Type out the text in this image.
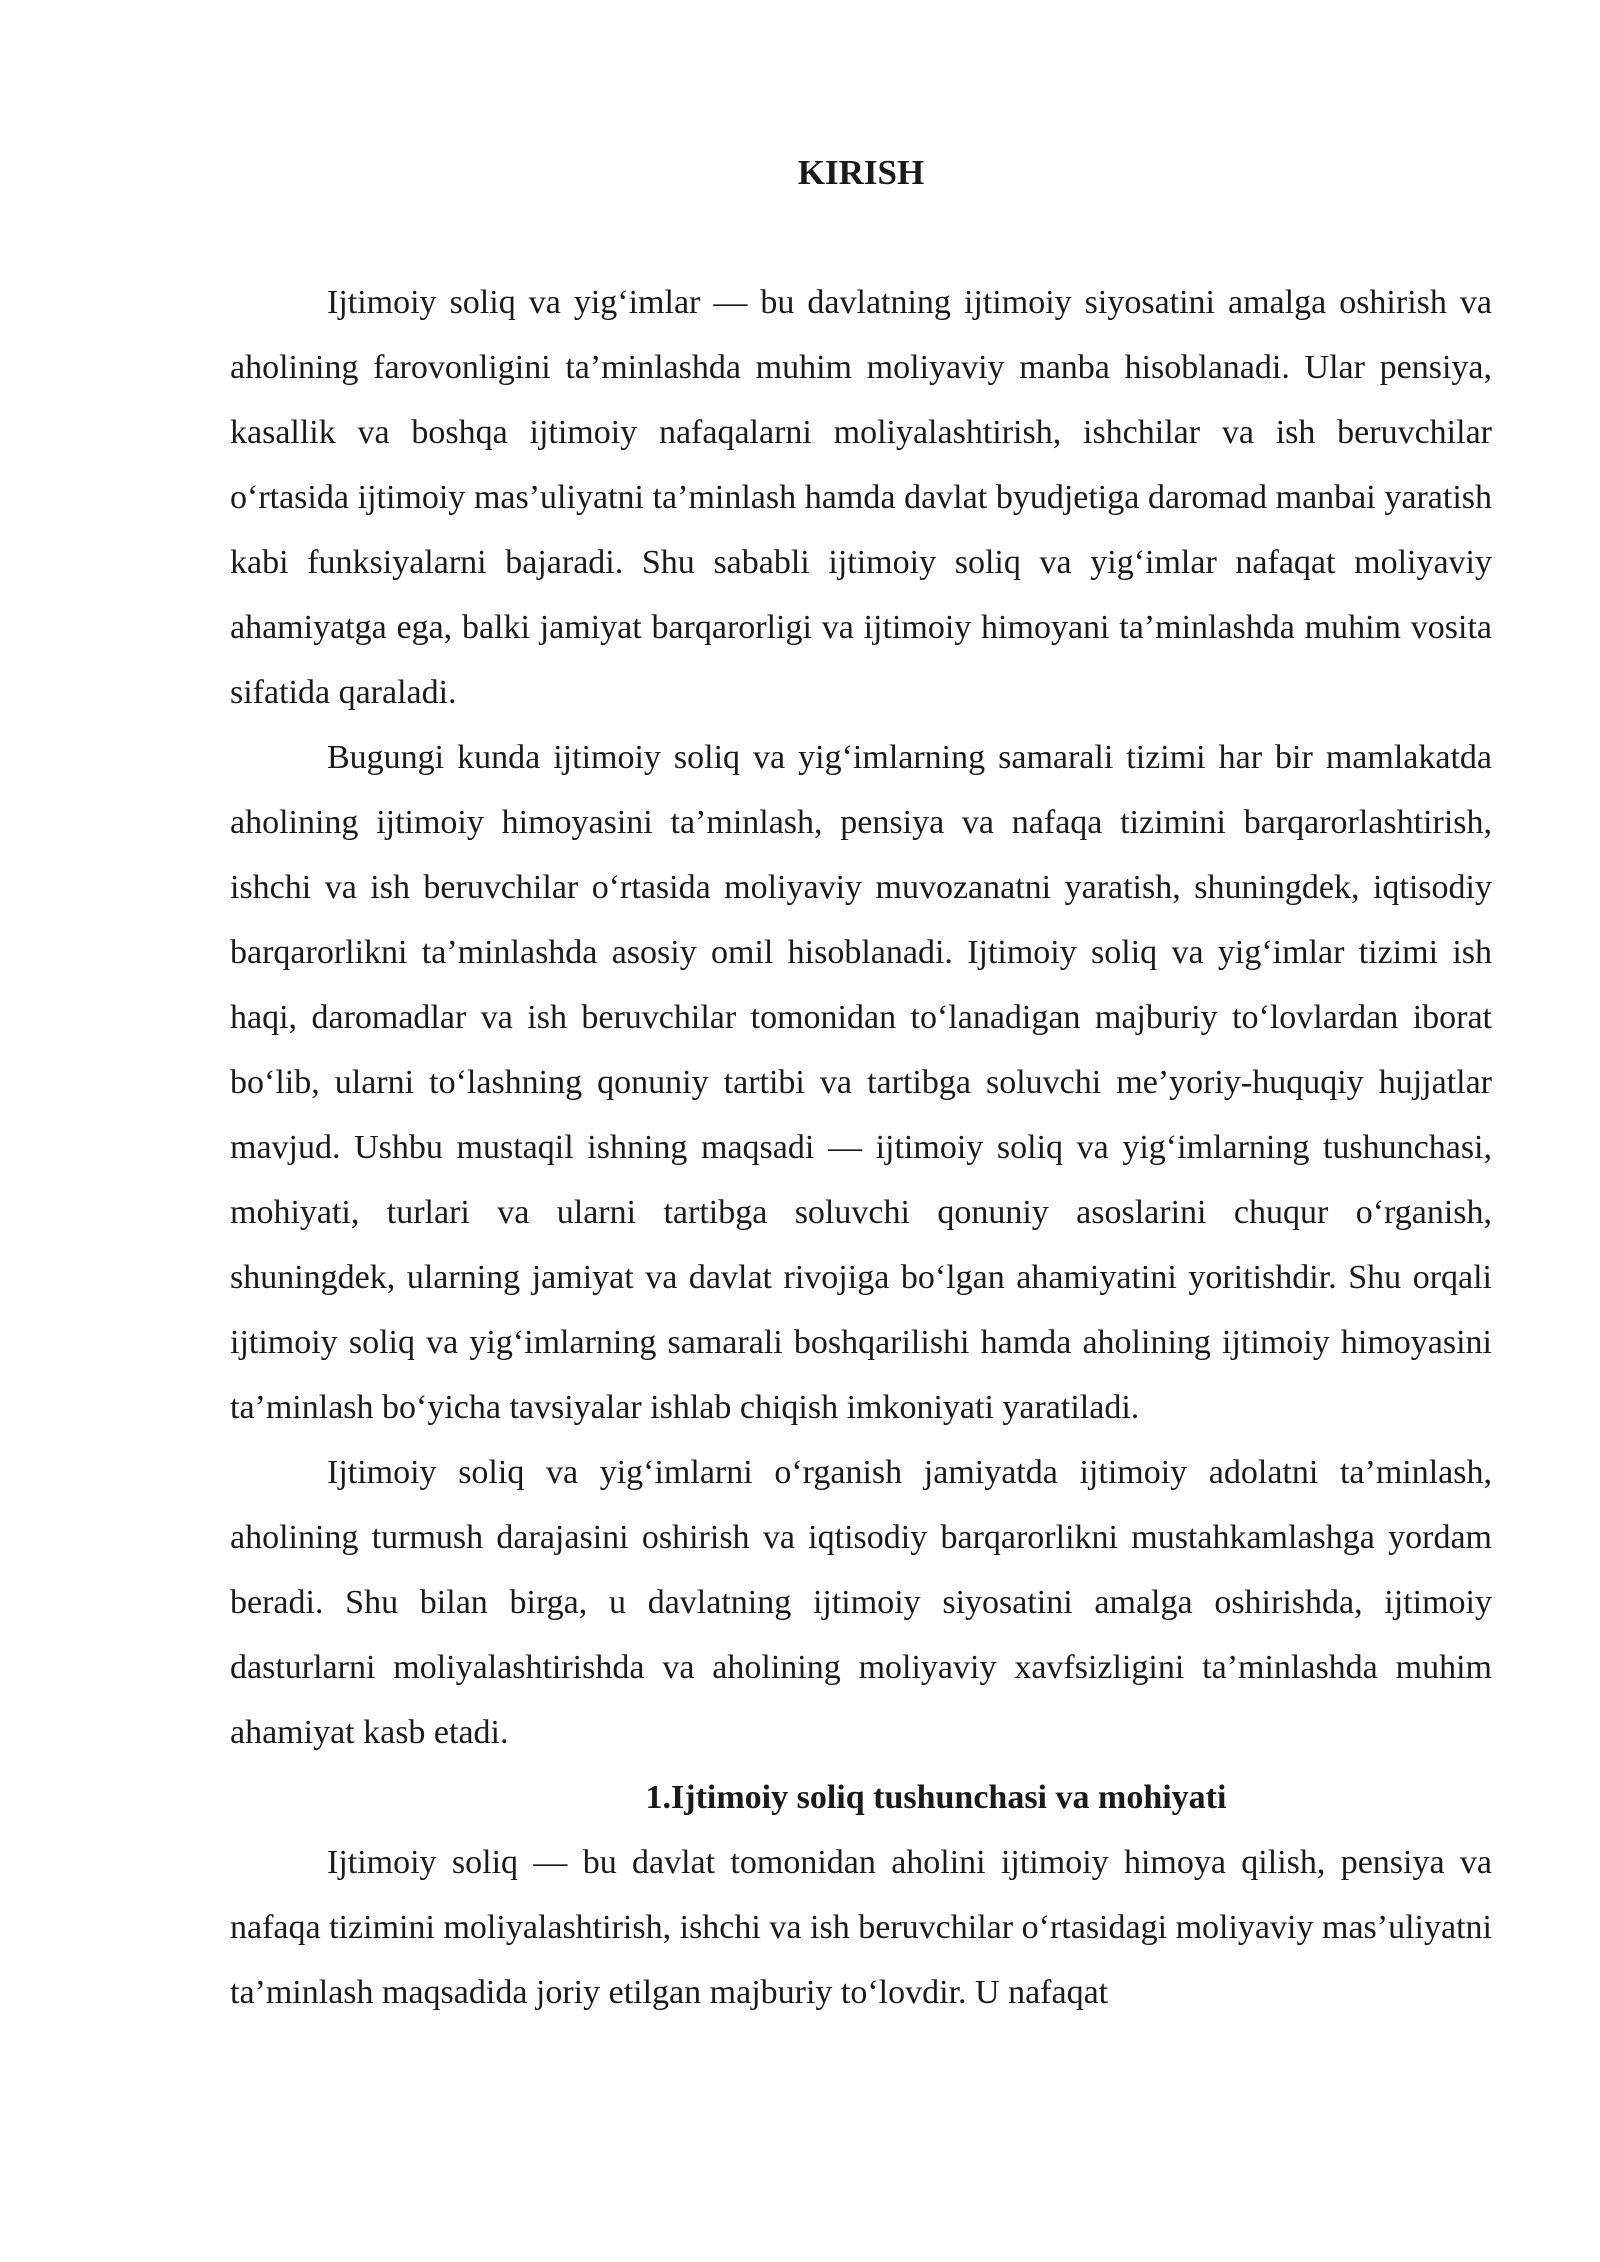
KIRISH

Ijtimoiy soliq va yig‘imlar — bu davlatning ijtimoiy siyosatini amalga oshirish va aholining farovonligini ta’minlashda muhim moliyaviy manba hisoblanadi. Ular pensiya, kasallik va boshqa ijtimoiy nafaqalarni moliyalashtirish, ishchilar va ish beruvchilar o‘rtasida ijtimoiy mas’uliyatni ta’minlash hamda davlat byudjetiga daromad manbai yaratish kabi funksiyalarni bajaradi. Shu sababli ijtimoiy soliq va yig‘imlar nafaqat moliyaviy ahamiyatga ega, balki jamiyat barqarorligi va ijtimoiy himoyani ta’minlashda muhim vosita sifatida qaraladi.

Bugungi kunda ijtimoiy soliq va yig‘imlarning samarali tizimi har bir mamlakatda aholining ijtimoiy himoyasini ta’minlash, pensiya va nafaqa tizimini barqarorlashtirish, ishchi va ish beruvchilar o‘rtasida moliyaviy muvozanatni yaratish, shuningdek, iqtisodiy barqarorlikni ta’minlashda asosiy omil hisoblanadi. Ijtimoiy soliq va yig‘imlar tizimi ish haqi, daromadlar va ish beruvchilar tomonidan to‘lanadigan majburiy to‘lovlardan iborat bo‘lib, ularni to‘lashning qonuniy tartibi va tartibga soluvchi me’yoriy-huquqiy hujjatlar mavjud. Ushbu mustaqil ishning maqsadi — ijtimoiy soliq va yig‘imlarning tushunchasi, mohiyati, turlari va ularni tartibga soluvchi qonuniy asoslarini chuqur o‘rganish, shuningdek, ularning jamiyat va davlat rivojiga bo‘lgan ahamiyatini yoritishdir. Shu orqali ijtimoiy soliq va yig‘imlarning samarali boshqarilishi hamda aholining ijtimoiy himoyasini ta’minlash bo‘yicha tavsiyalar ishlab chiqish imkoniyati yaratiladi.

Ijtimoiy soliq va yig‘imlarni o‘rganish jamiyatda ijtimoiy adolatni ta’minlash, aholining turmush darajasini oshirish va iqtisodiy barqarorlikni mustahkamlashga yordam beradi. Shu bilan birga, u davlatning ijtimoiy siyosatini amalga oshirishda, ijtimoiy dasturlarni moliyalashtirishda va aholining moliyaviy xavfsizligini ta’minlashda muhim ahamiyat kasb etadi.

1.Ijtimoiy soliq tushunchasi va mohiyati

Ijtimoiy soliq — bu davlat tomonidan aholini ijtimoiy himoya qilish, pensiya va nafaqa tizimini moliyalashtirish, ishchi va ish beruvchilar o‘rtasidagi moliyaviy mas’uliyatni ta’minlash maqsadida joriy etilgan majburiy to‘lovdir. U nafaqat
